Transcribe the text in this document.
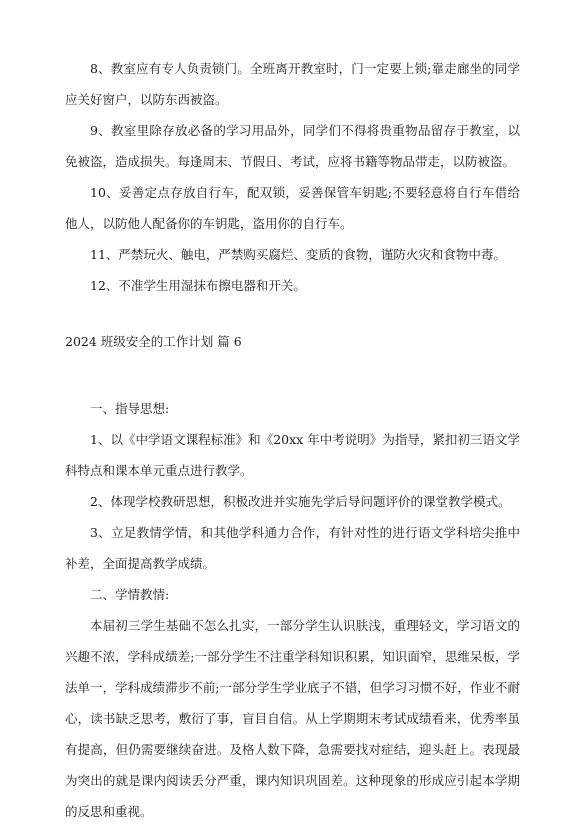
8、教室应有专人负责锁门。全班离开教室时，门一定要上锁;靠走廊坐的同学应关好窗户，以防东西被盗。

9、教室里除存放必备的学习用品外，同学们不得将贵重物品留存于教室，以免被盗，造成损失。每逢周末、节假日、考试，应将书籍等物品带走，以防被盗。

10、妥善定点存放自行车，配双锁，妥善保管车钥匙;不要轻意将自行车借给他人，以防他人配备你的车钥匙，盗用你的自行车。

11、严禁玩火、触电，严禁购买腐烂、变质的食物，谨防火灾和食物中毒。

12、不准学生用湿抹布擦电器和开关。

2024 班级安全的工作计划 篇 6

一、指导思想:

1、以《中学语文课程标准》和《20xx 年中考说明》为指导，紧扣初三语文学科特点和课本单元重点进行教学。

2、体现学校教研思想，积极改进并实施先学后导问题评价的课堂教学模式。

3、立足教情学情，和其他学科通力合作，有针对性的进行语文学科培尖推中补差，全面提高教学成绩。

二、学情教情:

本届初三学生基础不怎么扎实，一部分学生认识肤浅，重理轻文，学习语文的兴趣不浓，学科成绩差;一部分学生不注重学科知识积累，知识面窄，思维呆板，学法单一，学科成绩滞步不前;一部分学生学业底子不错，但学习习惯不好，作业不耐心，读书缺乏思考，敷衍了事，盲目自信。从上学期期末考试成绩看来，优秀率虽有提高，但仍需要继续奋进。及格人数下降，急需要找对症结，迎头赶上。表现最为突出的就是课内阅读丢分严重，课内知识巩固差。这种现象的形成应引起本学期的反思和重视。
